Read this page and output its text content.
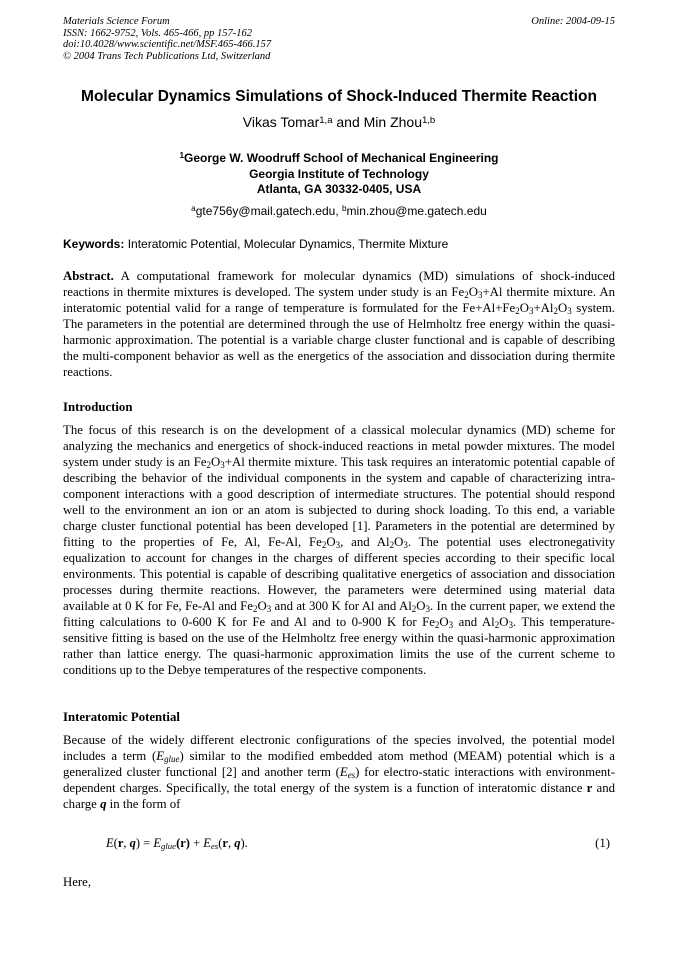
Materials Science Forum
ISSN: 1662-9752, Vols. 465-466, pp 157-162
doi:10.4028/www.scientific.net/MSF.465-466.157
© 2004 Trans Tech Publications Ltd, Switzerland
Online: 2004-09-15
Molecular Dynamics Simulations of Shock-Induced Thermite Reaction
Vikas Tomar$^{1,a}$ and Min Zhou$^{1,b}$
$^1$George W. Woodruff School of Mechanical Engineering
Georgia Institute of Technology
Atlanta, GA 30332-0405, USA
$^a$gte756y@mail.gatech.edu, $^b$min.zhou@me.gatech.edu
Keywords: Interatomic Potential, Molecular Dynamics, Thermite Mixture
Abstract. A computational framework for molecular dynamics (MD) simulations of shock-induced reactions in thermite mixtures is developed. The system under study is an $Fe_2O_3+Al$ thermite mixture. An interatomic potential valid for a range of temperature is formulated for the $Fe+Al+Fe_2O_3+Al_2O_3$ system. The parameters in the potential are determined through the use of Helmholtz free energy within the quasi-harmonic approximation. The potential is a variable charge cluster functional and is capable of describing the multi-component behavior as well as the energetics of the association and dissociation during thermite reactions.
Introduction
The focus of this research is on the development of a classical molecular dynamics (MD) scheme for analyzing the mechanics and energetics of shock-induced reactions in metal powder mixtures. The model system under study is an $Fe_2O_3+Al$ thermite mixture. This task requires an interatomic potential capable of describing the behavior of the individual components in the system and capable of characterizing intra-component interactions with a good description of intermediate structures. The potential should respond well to the environment an ion or an atom is subjected to during shock loading. To this end, a variable charge cluster functional potential has been developed [1]. Parameters in the potential are determined by fitting to the properties of Fe, Al, Fe-Al, $Fe_2O_3$, and $Al_2O_3$. The potential uses electronegativity equalization to account for changes in the charges of different species according to their specific local environments. This potential is capable of describing qualitative energetics of association and dissociation processes during thermite reactions. However, the parameters were determined using material data available at 0 K for Fe, Fe-Al and $Fe_2O_3$ and at 300 K for Al and $Al_2O_3$. In the current paper, we extend the fitting calculations to 0-600 K for Fe and Al and to 0-900 K for $Fe_2O_3$ and $Al_2O_3$. This temperature-sensitive fitting is based on the use of the Helmholtz free energy within the quasi-harmonic approximation rather than lattice energy. The quasi-harmonic approximation limits the use of the current scheme to conditions up to the Debye temperatures of the respective components.
Interatomic Potential
Because of the widely different electronic configurations of the species involved, the potential model includes a term $(E_{glue})$ similar to the modified embedded atom method (MEAM) potential which is a generalized cluster functional [2] and another term $(E_{es})$ for electro-static interactions with environment-dependent charges. Specifically, the total energy of the system is a function of interatomic distance r and charge q in the form of
E(r, $q) = E_{glue}(r) + E_{es}(r$, q).	(1)
Here,
